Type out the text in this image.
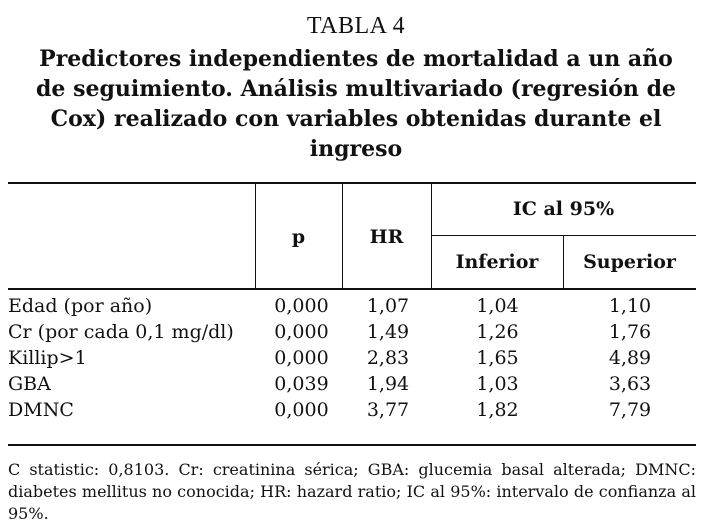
TABLA 4
Predictores independientes de mortalidad a un año de seguimiento. Análisis multivariado (regresión de Cox) realizado con variables obtenidas durante el ingreso
p	HR
IC al 95%
Inferior	Superior
Edad (por año)	0,000	1,07	1,04	1,10
Cr (por cada 0,1 mg/dl)	0,000	1,49	1,26	1,76
Killip>1	0,000	2,83	1,65	4,89
GBA	0,039	1,94	1,03	3,63
DMNC	0,000	3,77	1,82	7,79
C statistic: 0,8103. Cr: creatinina sérica; GBA: glucemia basal alterada; DMNC: diabetes mellitus no conocida; HR: hazard ratio; IC al 95%: intervalo de confianza al 95%.
